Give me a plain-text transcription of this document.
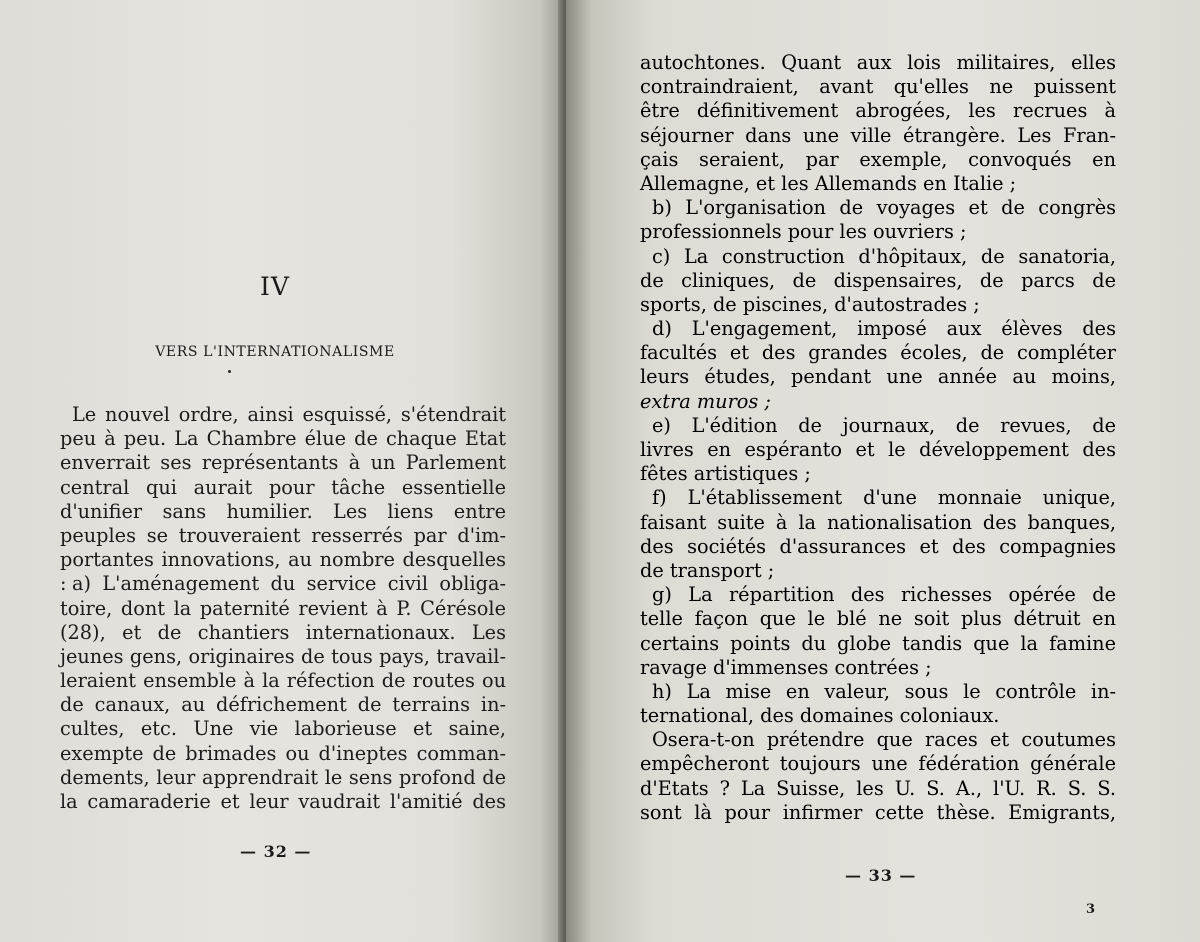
IV
VERS L'INTERNATIONALISME
Le nouvel ordre, ainsi esquissé, s'étendrait
peu à peu. La Chambre élue de chaque Etat
enverrait ses représentants à un Parlement
central qui aurait pour tâche essentielle
d'unifier sans humilier. Les liens entre
peuples se trouveraient resserrés par d'im-
portantes innovations, au nombre desquelles : a) L'aménagement du service civil obliga-
toire, dont la paternité revient à P. Cérésole
(28), et de chantiers internationaux. Les
jeunes gens, originaires de tous pays, travail-
leraient ensemble à la réfection de routes ou
de canaux, au défrichement de terrains in-
cultes, etc. Une vie laborieuse et saine,
exempte de brimades ou d'ineptes comman-
dements, leur apprendrait le sens profond de
la camaraderie et leur vaudrait l'amitié des
— 32 —
— 33 —
3
autochtones. Quant aux lois militaires, elles
contraindraient, avant qu'elles ne puissent
être définitivement abrogées, les recrues à
séjourner dans une ville étrangère. Les Fran-
çais seraient, par exemple, convoqués en
Allemagne, et les Allemands en Italie ;
b) L'organisation de voyages et de congrès
professionnels pour les ouvriers ;
c) La construction d'hôpitaux, de sanatoria,
de cliniques, de dispensaires, de parcs de
sports, de piscines, d'autostrades ;
d) L'engagement, imposé aux élèves des
facultés et des grandes écoles, de compléter
leurs études, pendant une année au moins,
extra muros ;
e) L'édition de journaux, de revues, de
livres en espéranto et le développement des
fêtes artistiques ;
f) L'établissement d'une monnaie unique,
faisant suite à la nationalisation des banques,
des sociétés d'assurances et des compagnies
de transport ;
g) La répartition des richesses opérée de
telle façon que le blé ne soit plus détruit en
certains points du globe tandis que la famine
ravage d'immenses contrées ;
h) La mise en valeur, sous le contrôle in-
ternational, des domaines coloniaux.
Osera-t-on prétendre que races et coutumes
empêcheront toujours une fédération générale
d'Etats ? La Suisse, les U. S. A., l'U. R. S. S.
sont là pour infirmer cette thèse. Emigrants,
